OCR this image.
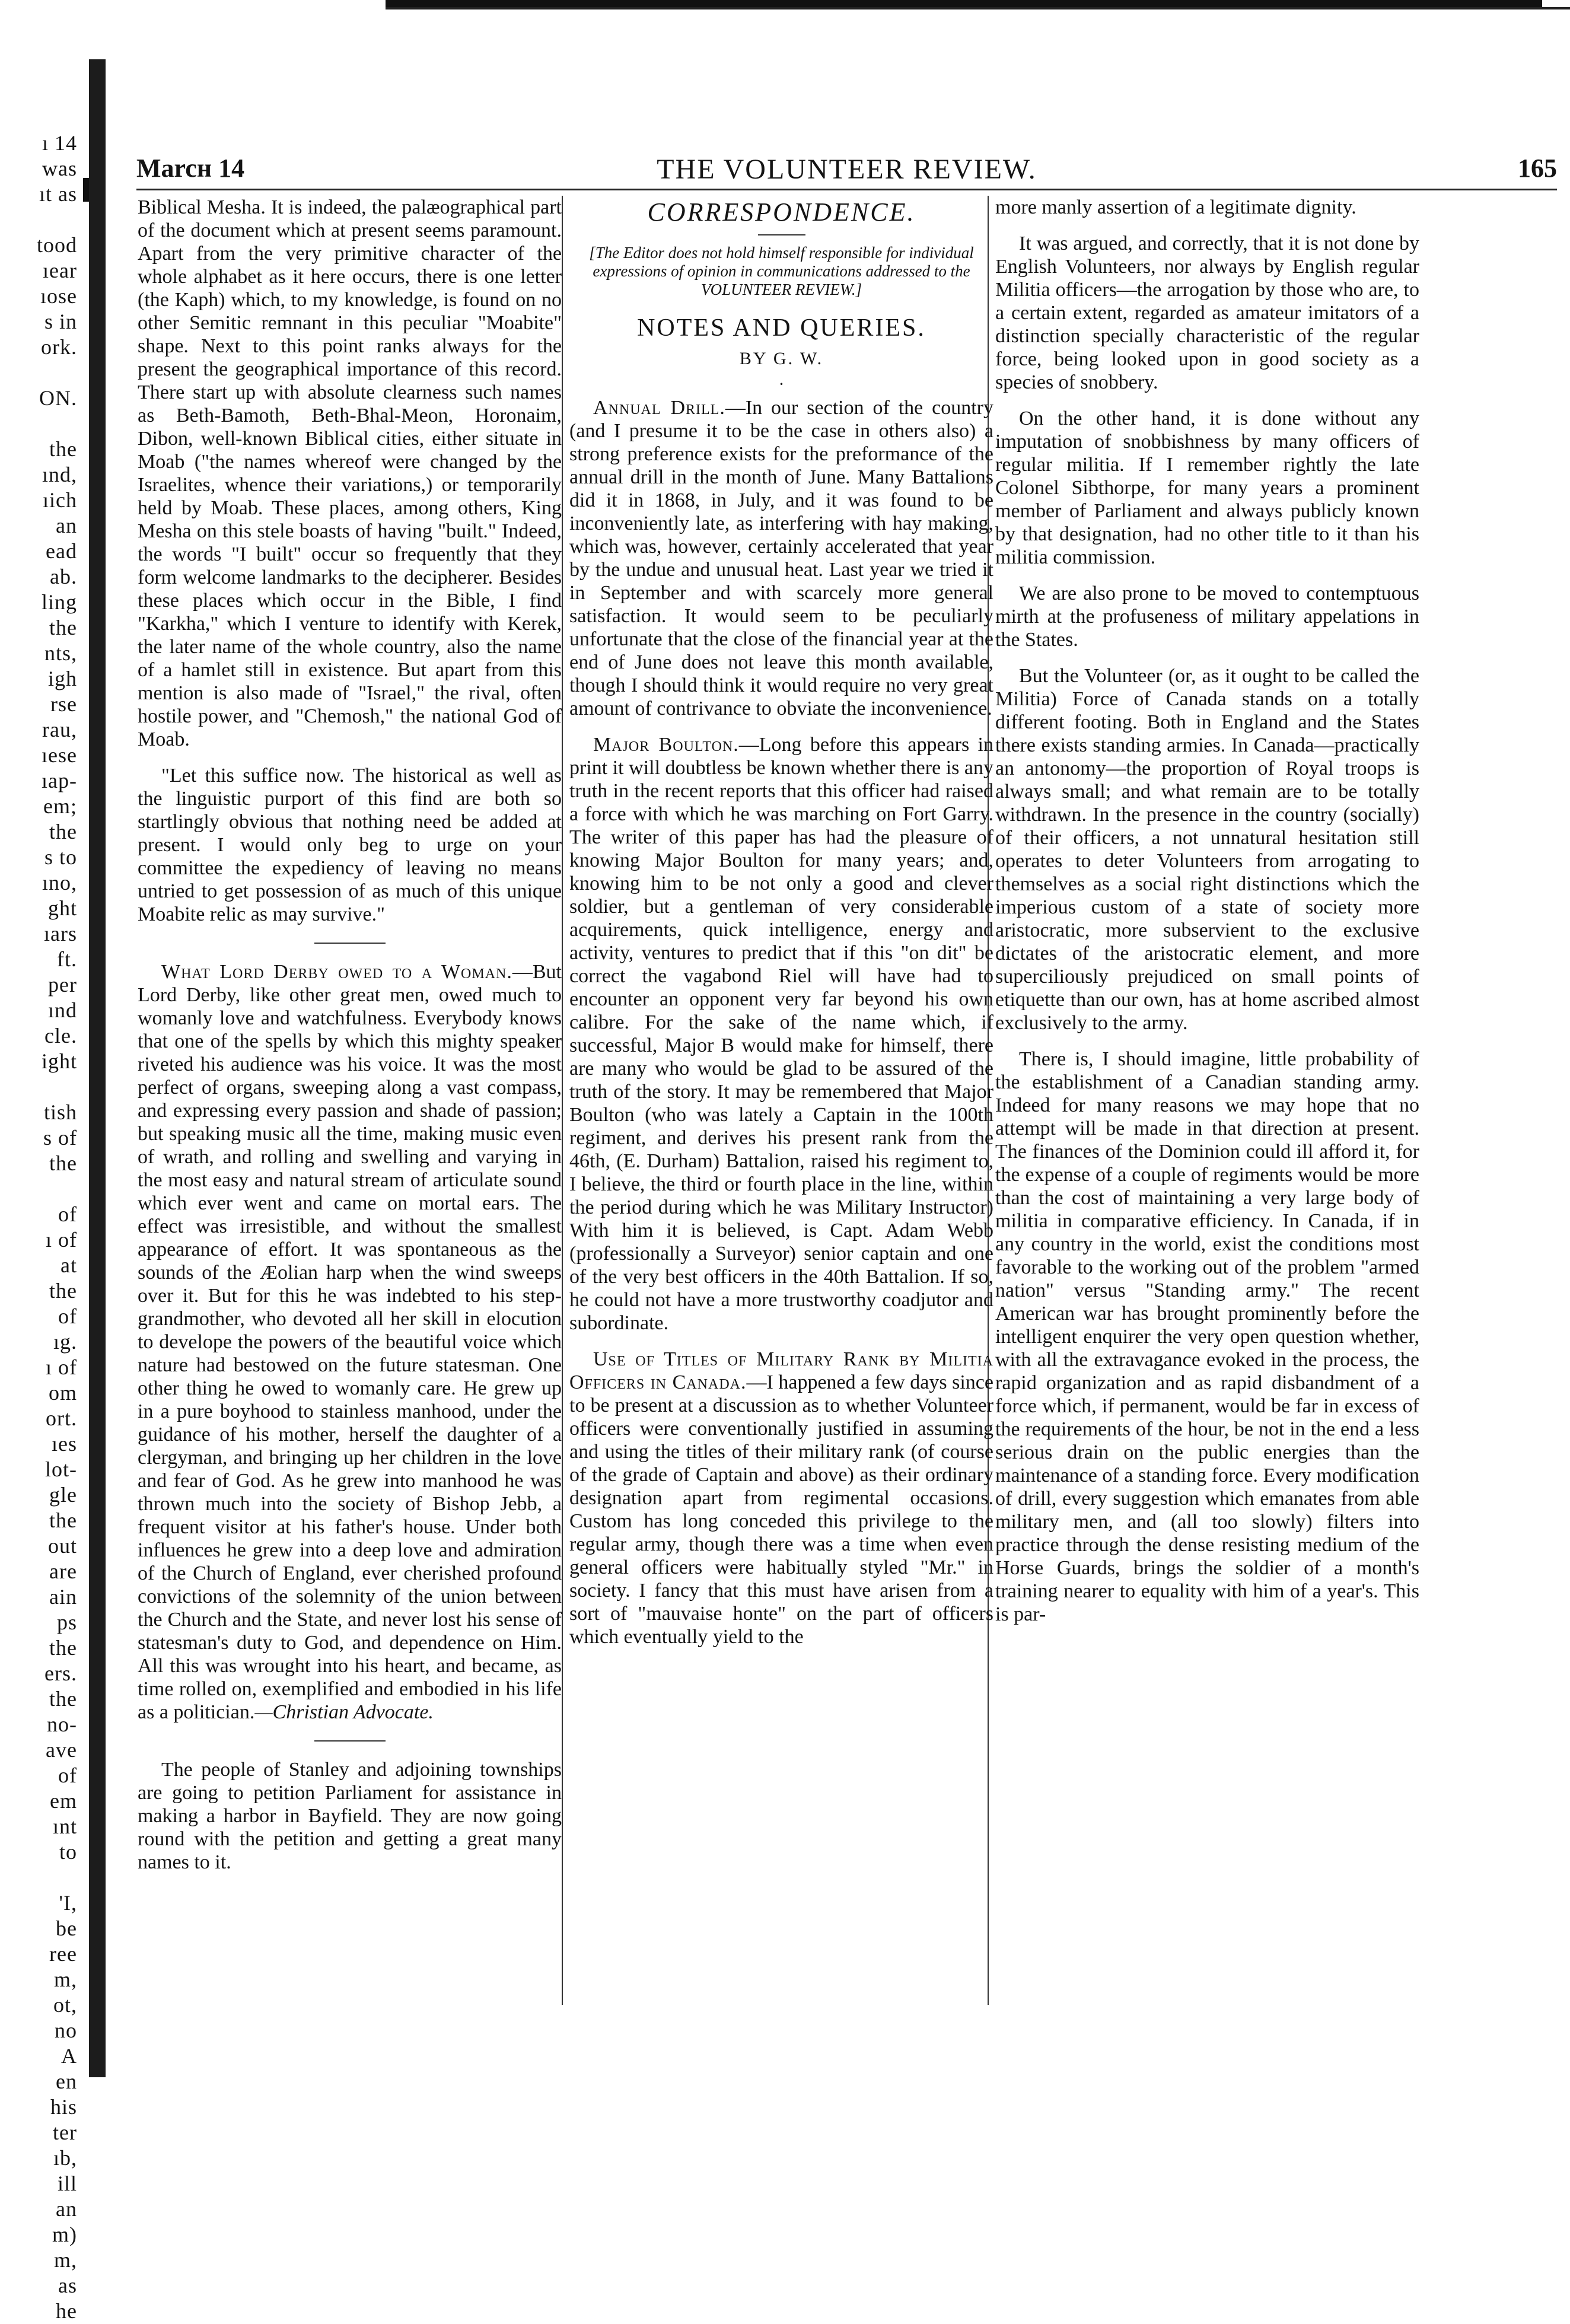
ı 14
was
ıt as

tood
ıear
ıose
s in
ork.

ON.

the
ınd,
ıich
an
ead
ab.
ling
the
nts,
igh
rse
rau,
ıese
ıap-
em;
the
s to
ıno,
ght
ıars
ft.
per
ınd
cle.
ight

tish
s of
the

of
ı of
at
the
of
ıg.
ı of
om
ort.
ıes
lot-
gle
the
out
are
ain
ps
the
ers.
the
no-
ave
of
em
ınt
to

'I,
be
ree
m,
ot,
no
A
en
his
ter
ıb,
ill
an
m)
m,
as
he
Marcн 14	THE VOLUNTEER REVIEW.	165

Biblical Mesha. It is indeed, the palæographical part of the document which at present seems paramount. Apart from the very primitive character of the whole alphabet as it here occurs, there is one letter (the Kaph) which, to my knowledge, is found on no other Semitic remnant in this peculiar "Moabite" shape. Next to this point ranks always for the present the geographical importance of this record. There start up with absolute clearness such names as Beth-Bamoth, Beth-Bhal-Meon, Horonaim, Dibon, well-known Biblical cities, either situate in Moab ("the names whereof were changed by the Israelites, whence their variations,) or temporarily held by Moab. These places, among others, King Mesha on this stele boasts of having "built." Indeed, the words "I built" occur so frequently that they form welcome landmarks to the decipherer. Besides these places which occur in the Bible, I find "Karkha," which I venture to identify with Kerek, the later name of the whole country, also the name of a hamlet still in existence. But apart from this mention is also made of "Israel," the rival, often hostile power, and "Chemosh," the national God of Moab.

"Let this suffice now. The historical as well as the linguistic purport of this find are both so startlingly obvious that nothing need be added at present. I would only beg to urge on your committee the expediency of leaving no means untried to get possession of as much of this unique Moabite relic as may survive."

What Lord Derby owed to a Woman.—But Lord Derby, like other great men, owed much to womanly love and watchfulness. Everybody knows that one of the spells by which this mighty speaker riveted his audience was his voice. It was the most perfect of organs, sweeping along a vast compass, and expressing every passion and shade of passion; but speaking music all the time, making music even of wrath, and rolling and swelling and varying in the most easy and natural stream of articulate sound which ever went and came on mortal ears. The effect was irresistible, and without the smallest appearance of effort. It was spontaneous as the sounds of the Æolian harp when the wind sweeps over it. But for this he was indebted to his step-grandmother, who devoted all her skill in elocution to develope the powers of the beautiful voice which nature had bestowed on the future statesman. One other thing he owed to womanly care. He grew up in a pure boyhood to stainless manhood, under the guidance of his mother, herself the daughter of a clergyman, and bringing up her children in the love and fear of God. As he grew into manhood he was thrown much into the society of Bishop Jebb, a frequent visitor at his father's house. Under both influences he grew into a deep love and admiration of the Church of England, ever cherished profound convictions of the solemnity of the union between the Church and the State, and never lost his sense of statesman's duty to God, and dependence on Him. All this was wrought into his heart, and became, as time rolled on, exemplified and embodied in his life as a politician.—Christian Advocate.

The people of Stanley and adjoining townships are going to petition Parliament for assistance in making a harbor in Bayfield. They are now going round with the petition and getting a great many names to it.

CORRESPONDENCE.
[The Editor does not hold himself responsible for individual expressions of opinion in communications addressed to the VOLUNTEER REVIEW.]
NOTES AND QUERIES.
BY G. W.
·

Annual Drill.—In our section of the country (and I presume it to be the case in others also) a strong preference exists for the preformance of the annual drill in the month of June. Many Battalions did it in 1868, in July, and it was found to be inconveniently late, as interfering with hay making, which was, however, certainly accelerated that year by the undue and unusual heat. Last year we tried it in September and with scarcely more general satisfaction. It would seem to be peculiarly unfortunate that the close of the financial year at the end of June does not leave this month available, though I should think it would require no very great amount of contrivance to obviate the inconvenience.

Major Boulton.—Long before this appears in print it will doubtless be known whether there is any truth in the recent reports that this officer had raised a force with which he was marching on Fort Garry. The writer of this paper has had the pleasure of knowing Major Boulton for many years; and, knowing him to be not only a good and clever soldier, but a gentleman of very considerable acquirements, quick intelligence, energy and activity, ventures to predict that if this "on dit" be correct the vagabond Riel will have had to encounter an opponent very far beyond his own calibre. For the sake of the name which, if successful, Major B would make for himself, there are many who would be glad to be assured of the truth of the story. It may be remembered that Major Boulton (who was lately a Captain in the 100th regiment, and derives his present rank from the 46th, (E. Durham) Battalion, raised his regiment to, I believe, the third or fourth place in the line, within the period during which he was Military Instructor) With him it is believed, is Capt. Adam Webb (professionally a Surveyor) senior captain and one of the very best officers in the 40th Battalion. If so, he could not have a more trustworthy coadjutor and subordinate.

Use of Titles of Military Rank by Militia Officers in Canada.—I happened a few days since to be present at a discussion as to whether Volunteer officers were conventionally justified in assuming and using the titles of their military rank (of course of the grade of Captain and above) as their ordinary designation apart from regimental occasions. Custom has long conceded this privilege to the regular army, though there was a time when even general officers were habitually styled "Mr." in society. I fancy that this must have arisen from a sort of "mauvaise honte" on the part of officers which eventually yield to the

more manly assertion of a legitimate dignity.

It was argued, and correctly, that it is not done by English Volunteers, nor always by English regular Militia officers—the arrogation by those who are, to a certain extent, regarded as amateur imitators of a distinction specially characteristic of the regular force, being looked upon in good society as a species of snobbery.

On the other hand, it is done without any imputation of snobbishness by many officers of regular militia. If I remember rightly the late Colonel Sibthorpe, for many years a prominent member of Parliament and always publicly known by that designation, had no other title to it than his militia commission.

We are also prone to be moved to contemptuous mirth at the profuseness of military appelations in the States.

But the Volunteer (or, as it ought to be called the Militia) Force of Canada stands on a totally different footing. Both in England and the States there exists standing armies. In Canada—practically an antonomy—the proportion of Royal troops is always small; and what remain are to be totally withdrawn. In the presence in the country (socially) of their officers, a not unnatural hesitation still operates to deter Volunteers from arrogating to themselves as a social right distinctions which the imperious custom of a state of society more aristocratic, more subservient to the exclusive dictates of the aristocratic element, and more superciliously prejudiced on small points of etiquette than our own, has at home ascribed almost exclusively to the army.

There is, I should imagine, little probability of the establishment of a Canadian standing army. Indeed for many reasons we may hope that no attempt will be made in that direction at present. The finances of the Dominion could ill afford it, for the expense of a couple of regiments would be more than the cost of maintaining a very large body of militia in comparative efficiency. In Canada, if in any country in the world, exist the conditions most favorable to the working out of the problem "armed nation" versus "Standing army." The recent American war has brought prominently before the intelligent enquirer the very open question whether, with all the extravagance evoked in the process, the rapid organization and as rapid disbandment of a force which, if permanent, would be far in excess of the requirements of the hour, be not in the end a less serious drain on the public energies than the maintenance of a standing force. Every modification of drill, every suggestion which emanates from able military men, and (all too slowly) filters into practice through the dense resisting medium of the Horse Guards, brings the soldier of a month's training nearer to equality with him of a year's. This is par-
